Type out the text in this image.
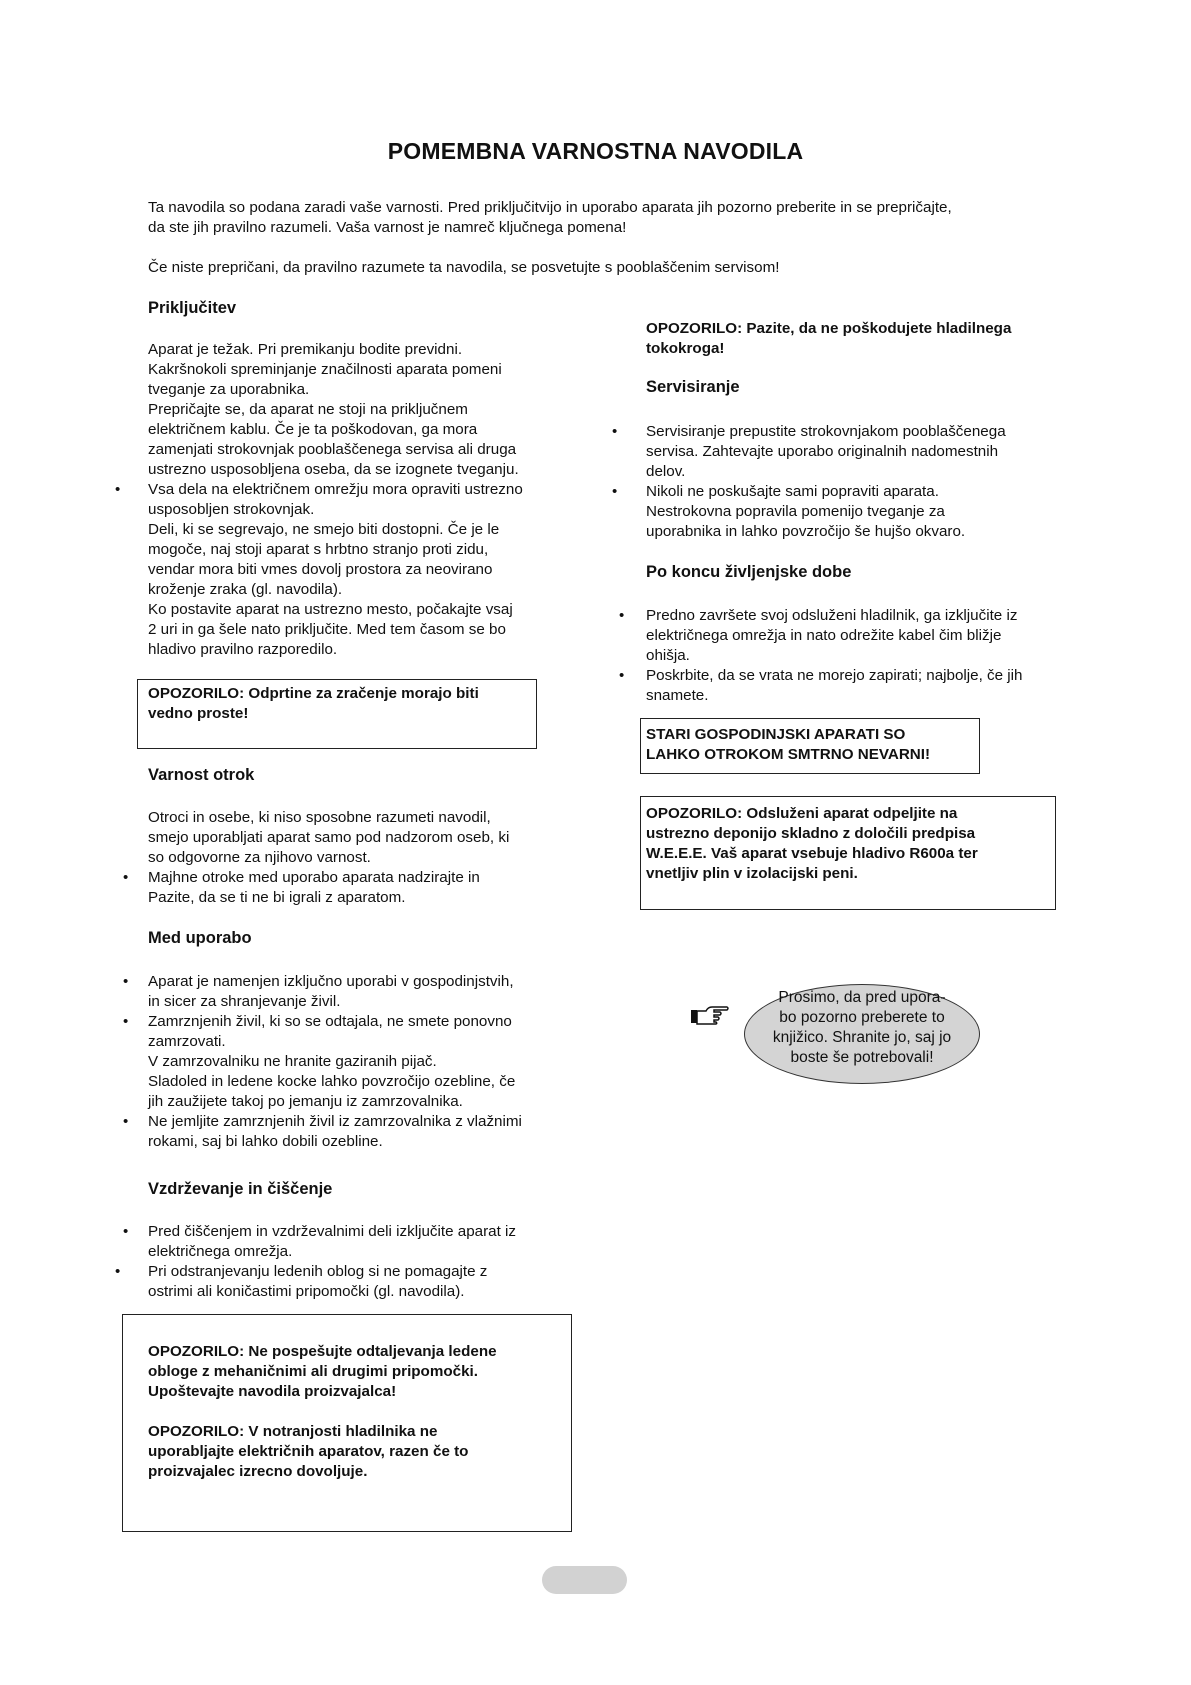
POMEMBNA VARNOSTNA NAVODILA
Ta navodila so podana zaradi vaše varnosti. Pred priključitvijo in uporabo aparata jih pozorno preberite in se prepričajte,
da ste jih pravilno razumeli. Vaša varnost je namreč ključnega pomena!
Če niste prepričani, da pravilno razumete ta navodila, se posvetujte s pooblaščenim servisom!
Priključitev
Aparat je težak. Pri premikanju bodite previdni.
Kakršnokoli spreminjanje značilnosti aparata pomeni
tveganje za uporabnika.
Prepričajte se, da aparat ne stoji na priključnem
električnem kablu. Če je ta poškodovan, ga mora
zamenjati strokovnjak pooblaščenega servisa ali druga
ustrezno usposobljena oseba, da se izognete tveganju.
• Vsa dela na električnem omrežju mora opraviti ustrezno
usposobljen strokovnjak.
Deli, ki se segrevajo, ne smejo biti dostopni. Če je le
mogoče, naj stoji aparat s hrbtno stranjo proti zidu,
vendar mora biti vmes dovolj prostora za neovirano
kroženje zraka (gl. navodila).
Ko postavite aparat na ustrezno mesto, počakajte vsaj
2 uri in ga šele nato priključite. Med tem časom se bo
hladivo pravilno razporedilo.
OPOZORILO: Odprtine za zračenje morajo biti
vedno proste!
Varnost otrok
Otroci in osebe, ki niso sposobne razumeti navodil,
smejo uporabljati aparat samo pod nadzorom oseb, ki
so odgovorne za njihovo varnost.
• Majhne otroke med uporabo aparata nadzirajte in
Pazite, da se ti ne bi igrali z aparatom.
Med uporabo
• Aparat je namenjen izključno uporabi v gospodinjstvih,
in sicer za shranjevanje živil.
• Zamrznjenih živil, ki so se odtajala, ne smete ponovno
zamrzovati.
V zamrzovalniku ne hranite gaziranih pijač.
Sladoled in ledene kocke lahko povzročijo ozebline, če
jih zaužijete takoj po jemanju iz zamrzovalnika.
• Ne jemljite zamrznjenih živil iz zamrzovalnika z vlažnimi
rokami, saj bi lahko dobili ozebline.
Vzdrževanje in čiščenje
• Pred čiščenjem in vzdrževalnimi deli izključite aparat iz
električnega omrežja.
• Pri odstranjevanju ledenih oblog si ne pomagajte z
ostrimi ali koničastimi pripomočki (gl. navodila).
OPOZORILO: Ne pospešujte odtaljevanja ledene
obloge z mehaničnimi ali drugimi pripomočki.
Upoštevajte navodila proizvajalca!
OPOZORILO: V notranjosti hladilnika ne
uporabljajte električnih aparatov, razen če to
proizvajalec izrecno dovoljuje.
OPOZORILO: Pazite, da ne poškodujete hladilnega
tokokroga!
Servisiranje
• Servisiranje prepustite strokovnjakom pooblaščenega
servisa. Zahtevajte uporabo originalnih nadomestnih
delov.
• Nikoli ne poskušajte sami popraviti aparata.
Nestrokovna popravila pomenijo tveganje za
uporabnika in lahko povzročijo še hujšo okvaro.
Po koncu življenjske dobe
• Predno završete svoj odsluženi hladilnik, ga izključite iz
električnega omrežja in nato odrežite kabel čim bližje
ohišja.
• Poskrbite, da se vrata ne morejo zapirati; najbolje, če jih
snamete.
STARI GOSPODINJSKI APARATI SO
LAHKO OTROKOM SMTRNO NEVARNI!
OPOZORILO: Odsluženi aparat odpeljite na
ustrezno deponijo skladno z določili predpisa
W.E.E.E. Vaš aparat vsebuje hladivo R600a ter
vnetljiv plin v izolacijski peni.
Prosimo, da pred upora-
bo pozorno preberete to
knjižico. Shranite jo, saj jo
boste še potrebovali!
